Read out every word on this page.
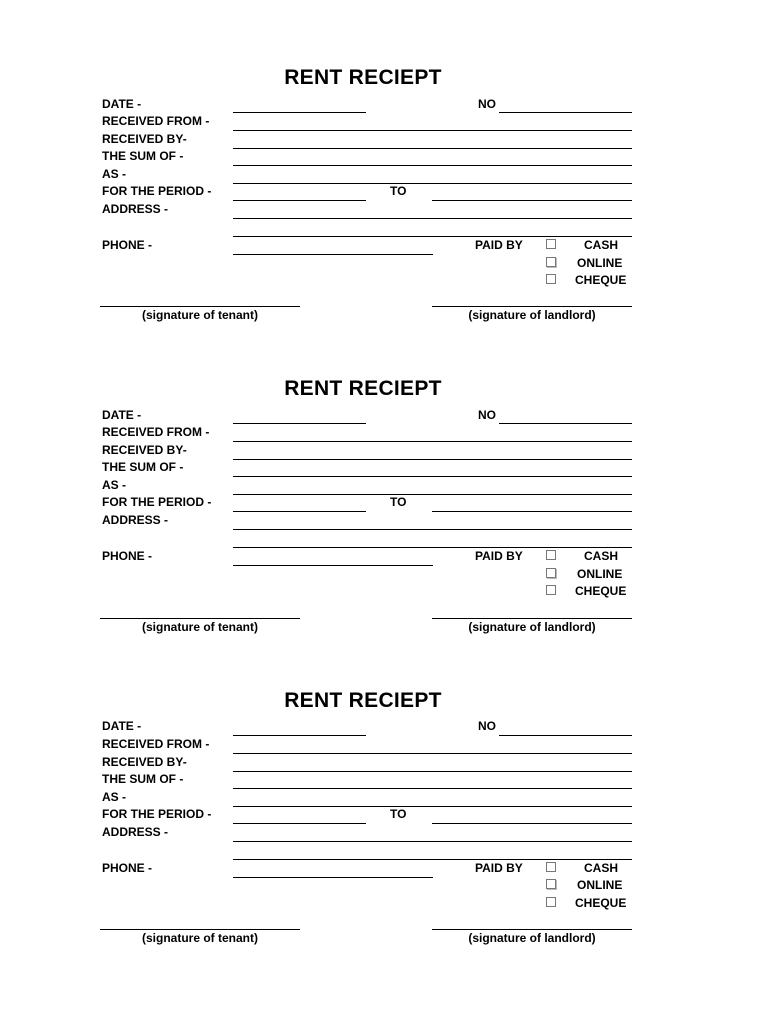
RENT RECIEPT
DATE -	NO
RECEIVED FROM -
RECEIVED BY-
THE SUM OF -
AS -
FOR THE PERIOD -	TO
ADDRESS -
PHONE -	PAID BY	CASH
ONLINE
CHEQUE
(signature of tenant)	(signature of landlord)
RENT RECIEPT
DATE -	NO
RECEIVED FROM -
RECEIVED BY-
THE SUM OF -
AS -
FOR THE PERIOD -	TO
ADDRESS -
PHONE -	PAID BY	CASH
ONLINE
CHEQUE
(signature of tenant)	(signature of landlord)
RENT RECIEPT
DATE -	NO
RECEIVED FROM -
RECEIVED BY-
THE SUM OF -
AS -
FOR THE PERIOD -	TO
ADDRESS -
PHONE -	PAID BY	CASH
ONLINE
CHEQUE
(signature of tenant)	(signature of landlord)
